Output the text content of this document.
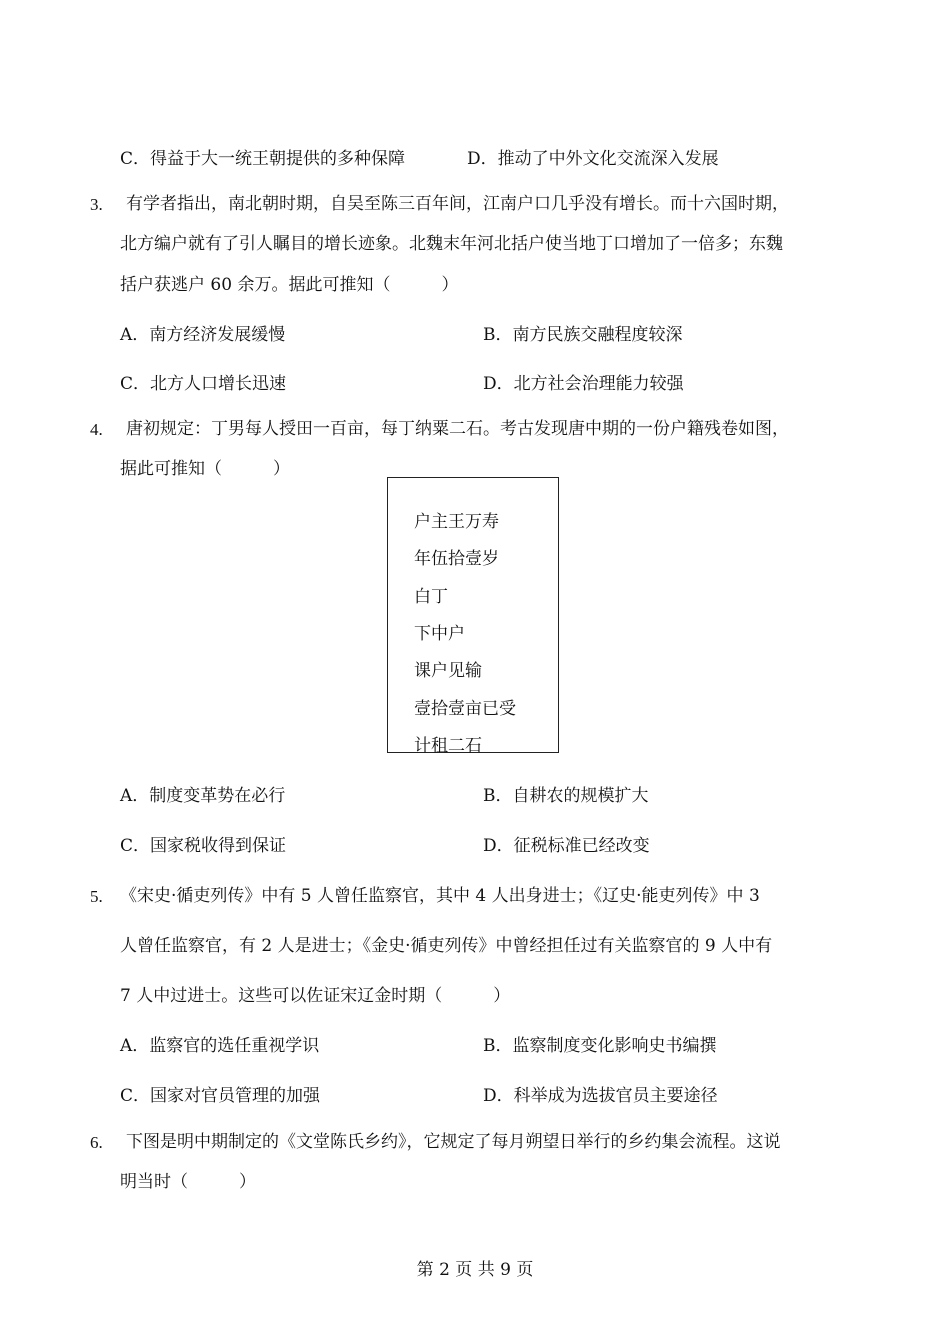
C．得益于大一统王朝提供的多种保障	D．推动了中外文化交流深入发展
3. 有学者指出，南北朝时期，自吴至陈三百年间，江南户口几乎没有增长。而十六国时期，
北方编户就有了引人瞩目的增长迹象。北魏末年河北括户使当地丁口增加了一倍多；东魏
括户获逃户 60 余万。据此可推知（　　　）
A．南方经济发展缓慢	B．南方民族交融程度较深
C．北方人口增长迅速	D．北方社会治理能力较强
4. 唐初规定：丁男每人授田一百亩，每丁纳粟二石。考古发现唐中期的一份户籍残卷如图，
据此可推知（　　　）
户主王万寿
年伍拾壹岁
白丁
下中户
课户见输
壹拾壹亩已受
计租二石
A．制度变革势在必行	B．自耕农的规模扩大
C．国家税收得到保证	D．征税标准已经改变
5. 《宋史·循吏列传》中有 5 人曾任监察官，其中 4 人出身进士；《辽史·能吏列传》中 3
人曾任监察官，有 2 人是进士；《金史·循吏列传》中曾经担任过有关监察官的 9 人中有
7 人中过进士。这些可以佐证宋辽金时期（　　　）
A．监察官的选任重视学识	B．监察制度变化影响史书编撰
C．国家对官员管理的加强	D．科举成为选拔官员主要途径
6. 下图是明中期制定的《文堂陈氏乡约》，它规定了每月朔望日举行的乡约集会流程。这说
明当时（　　　）
第 2 页 共 9 页
